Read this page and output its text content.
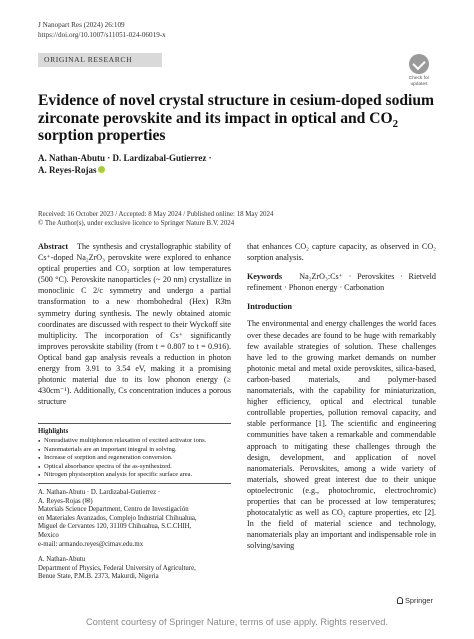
J Nanopart Res (2024) 26:109
https://doi.org/10.1007/s11051-024-06019-x
ORIGINAL RESEARCH
Check for updates
Evidence of novel crystal structure in cesium-doped sodium
zirconate perovskite and its impact in optical and $CO_2$
sorption properties
A. Nathan-Abutu · D. Lardizabal-Gutierrez ·
A. Reyes-Rojas
Received: 16 October 2023 / Accepted: 8 May 2024 / Published online: 18 May 2024
© The Author(s), under exclusive licence to Springer Nature B.V. 2024
Abstract The synthesis and crystallographic stability of Cs⁺-doped Na₂ZrO₃ perovskite were explored to enhance optical properties and CO₂ sorption at low temperatures (500 °C). Perovskite nanoparticles (~ 20 nm) crystallize in monoclinic C 2/c symmetry and undergo a partial transformation to a new rhombohedral (Hex) R3̄m symmetry during synthesis. The newly obtained atomic coordinates are discussed with respect to their Wyckoff site multiplicity. The incorporation of Cs⁺ significantly improves perovskite stability (from t = 0.807 to t = 0.916). Optical band gap analysis reveals a reduction in photon energy from 3.91 to 3.54 eV, making it a promising photonic material due to its low phonon energy (≥ 430cm⁻¹). Additionally, Cs concentration induces a porous structure
Highlights
● Nonradiative multiphonon relaxation of excited activator ions.
● Nanomaterials are an important integral in solving.
● Increase of sorption and regeneration conversion.
● Optical absorbance spectra of the as-synthesized.
● Nitrogen physisorption analysis for specific surface area.
A. Nathan-Abutu · D. Lardizabal-Gutierrez ·
A. Reyes-Rojas (✉)
Materials Science Department, Centro de Investigación
en Materiales Avanzados, Complejo Industrial Chihuahua,
Miguel de Cervantes 120, 31109 Chihuahua, S.C.CHIH,
Mexico
e-mail: armando.reyes@cimav.edu.mx
A. Nathan-Abutu
Department of Physics, Federal University of Agriculture,
Benue State, P.M.B. 2373, Makurdi, Nigeria

that enhances CO₂ capture capacity, as observed in CO₂ sorption analysis.

Keywords Na₂ZrO₃:Cs⁺ · Perovskites · Rietveld refinement · Phonon energy · Carbonation

Introduction

The environmental and energy challenges the world faces over these decades are found to be huge with remarkably few available strategies of solution. These challenges have led to the growing market demands on number photonic metal and metal oxide perovskites, silica-based, carbon-based materials, and polymer-based nanomaterials, with the capability for miniaturization, higher efficiency, optical and electrical tunable controllable properties, pollution removal capacity, and stable performance [1]. The scientific and engineering communities have taken a remarkable and commendable approach to mitigating these challenges through the design, development, and application of novel nanomaterials. Perovskites, among a wide variety of materials, showed great interest due to their unique optoelectronic (e.g., photochromic, electrochromic) properties that can be processed at low temperatures; photocatalytic as well as CO₂ capture properties, etc [2]. In the field of material science and technology, nanomaterials play an important and indispensable role in solving/saving

Springer
Content courtesy of Springer Nature, terms of use apply. Rights reserved.
